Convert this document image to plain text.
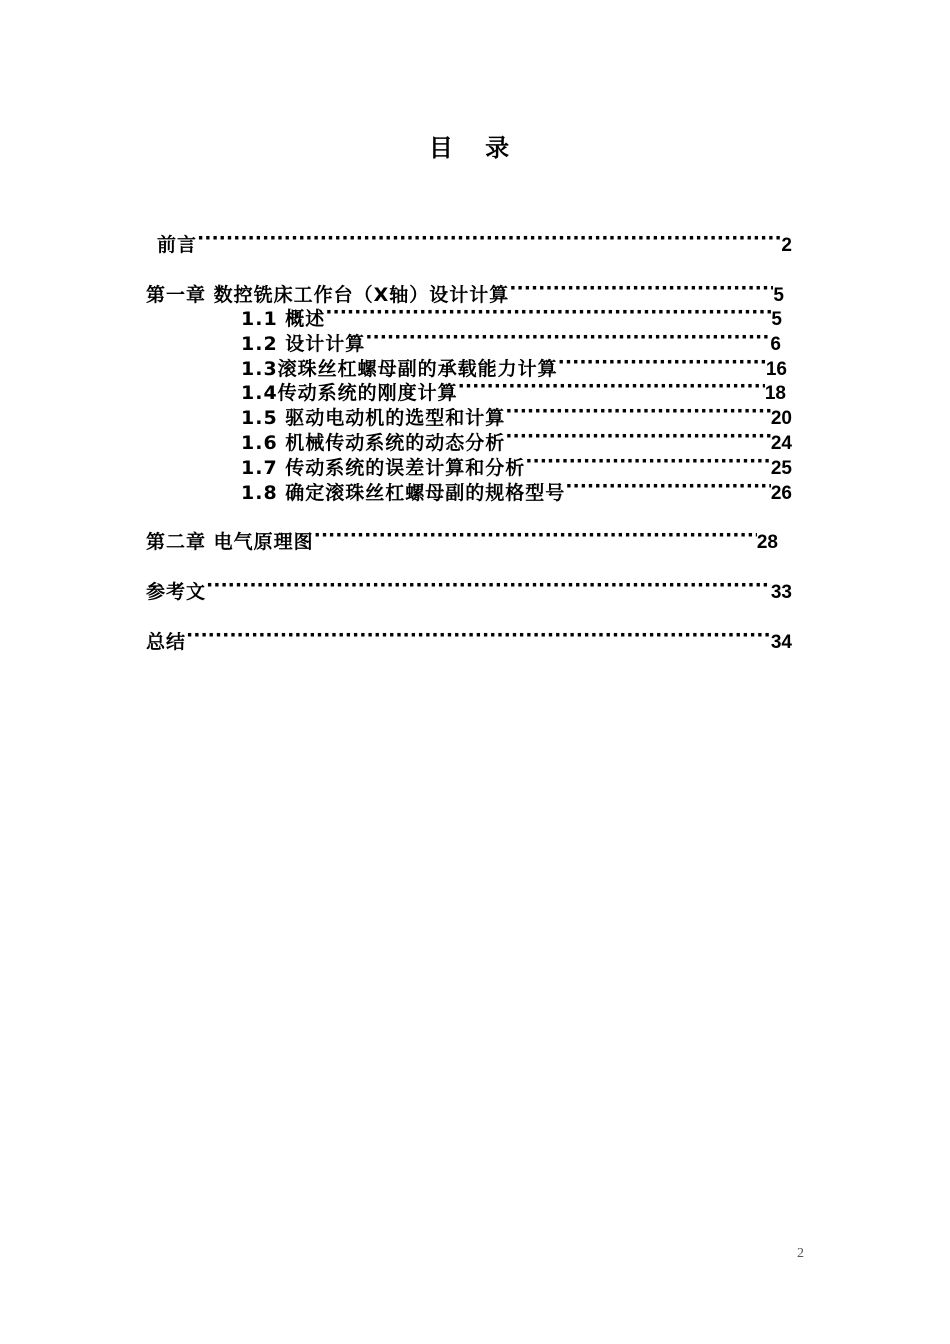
目 录
前言 ·····	2
第一章 数控铣床工作台（X轴）设计计算 ·····	5
1.1 概述 ·····	5
1.2 设计计算 ·····	6
1.3滚珠丝杠螺母副的承载能力计算 ·····	16
1.4传动系统的刚度计算 ·····	18
1.5 驱动电动机的选型和计算 ·····	20
1.6 机械传动系统的动态分析 ·····	24
1.7 传动系统的误差计算和分析 ·····	25
1.8 确定滚珠丝杠螺母副的规格型号 ·····	26
第二章 电气原理图 ·····	28
参考文 ·····	33
总结 ·····	34
2
